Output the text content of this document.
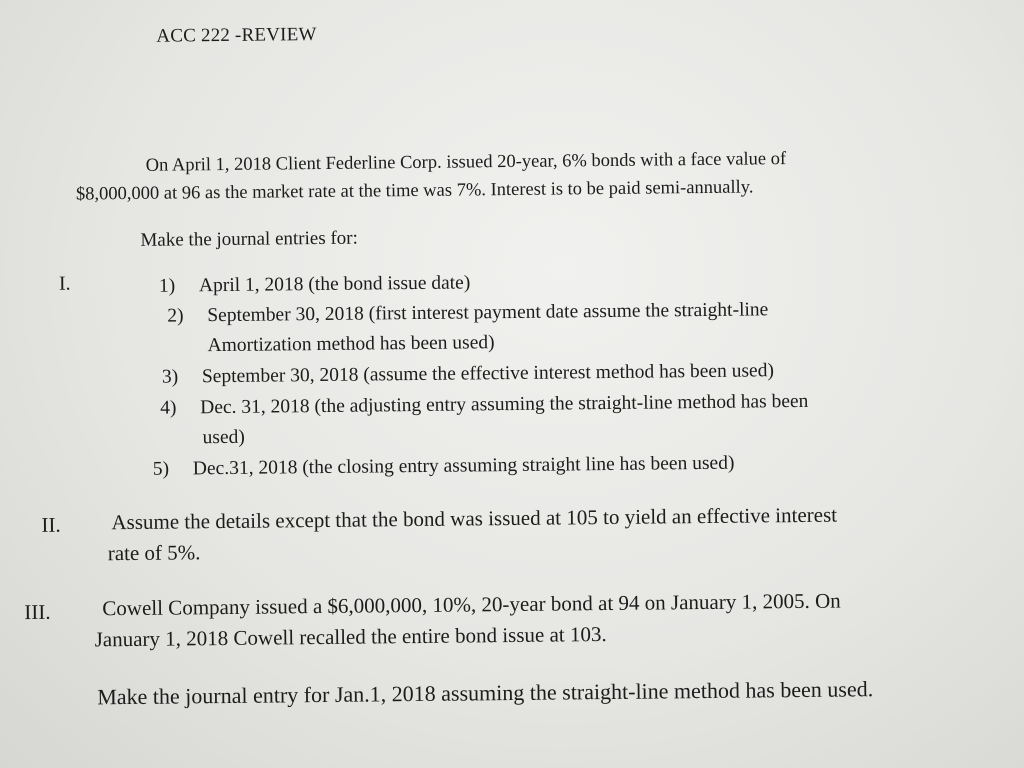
ACC 222 -REVIEW
On April 1, 2018 Client Federline Corp. issued 20-year, 6% bonds with a face value of
$8,000,000 at 96 as the market rate at the time was 7%. Interest is to be paid semi-annually.
Make the journal entries for:
I.	1) April 1, 2018 (the bond issue date)
2) September 30, 2018 (first interest payment date assume the straight-line
Amortization method has been used)
3) September 30, 2018 (assume the effective interest method has been used)
4) Dec. 31, 2018 (the adjusting entry assuming the straight-line method has been
used)
5) Dec.31, 2018 (the closing entry assuming straight line has been used)
II. Assume the details except that the bond was issued at 105 to yield an effective interest
rate of 5%.
III. Cowell Company issued a $6,000,000, 10%, 20-year bond at 94 on January 1, 2005. On
January 1, 2018 Cowell recalled the entire bond issue at 103.
Make the journal entry for Jan.1, 2018 assuming the straight-line method has been used.
